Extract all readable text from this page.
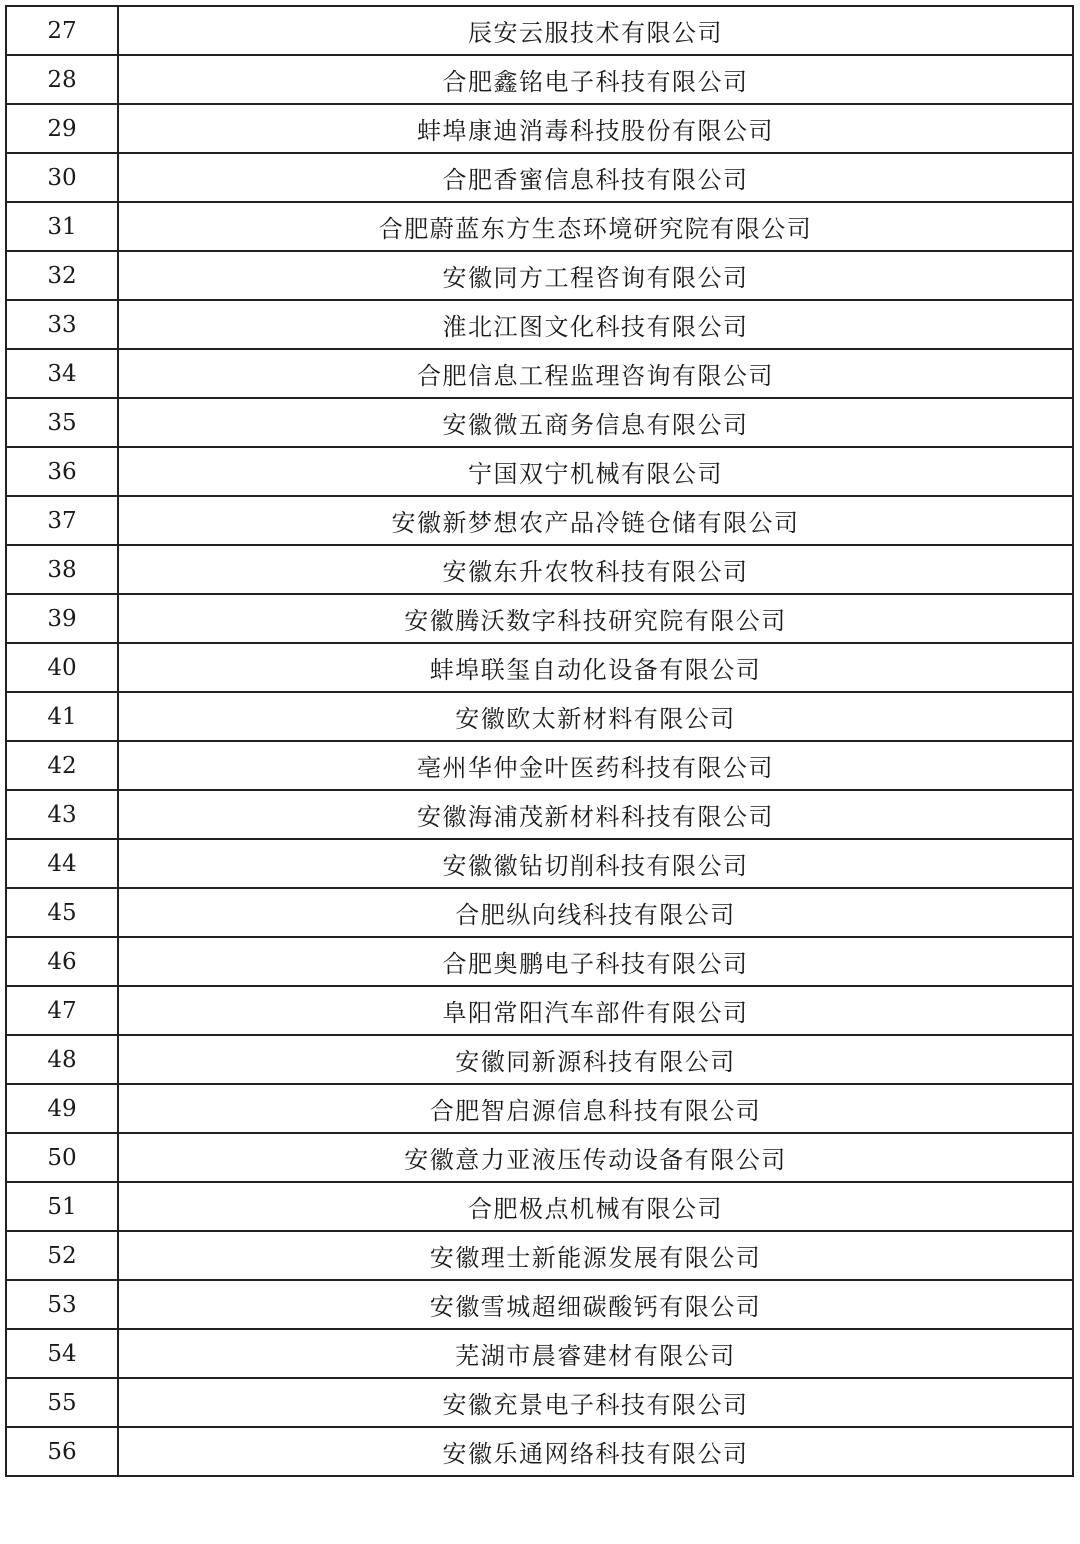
27	辰安云服技术有限公司
28	合肥鑫铭电子科技有限公司
29	蚌埠康迪消毒科技股份有限公司
30	合肥香蜜信息科技有限公司
31	合肥蔚蓝东方生态环境研究院有限公司
32	安徽同方工程咨询有限公司
33	淮北江图文化科技有限公司
34	合肥信息工程监理咨询有限公司
35	安徽微五商务信息有限公司
36	宁国双宁机械有限公司
37	安徽新梦想农产品冷链仓储有限公司
38	安徽东升农牧科技有限公司
39	安徽腾沃数字科技研究院有限公司
40	蚌埠联玺自动化设备有限公司
41	安徽欧太新材料有限公司
42	亳州华仲金叶医药科技有限公司
43	安徽海浦茂新材料科技有限公司
44	安徽徽钻切削科技有限公司
45	合肥纵向线科技有限公司
46	合肥奥鹏电子科技有限公司
47	阜阳常阳汽车部件有限公司
48	安徽同新源科技有限公司
49	合肥智启源信息科技有限公司
50	安徽意力亚液压传动设备有限公司
51	合肥极点机械有限公司
52	安徽理士新能源发展有限公司
53	安徽雪城超细碳酸钙有限公司
54	芜湖市晨睿建材有限公司
55	安徽充景电子科技有限公司
56	安徽乐通网络科技有限公司
